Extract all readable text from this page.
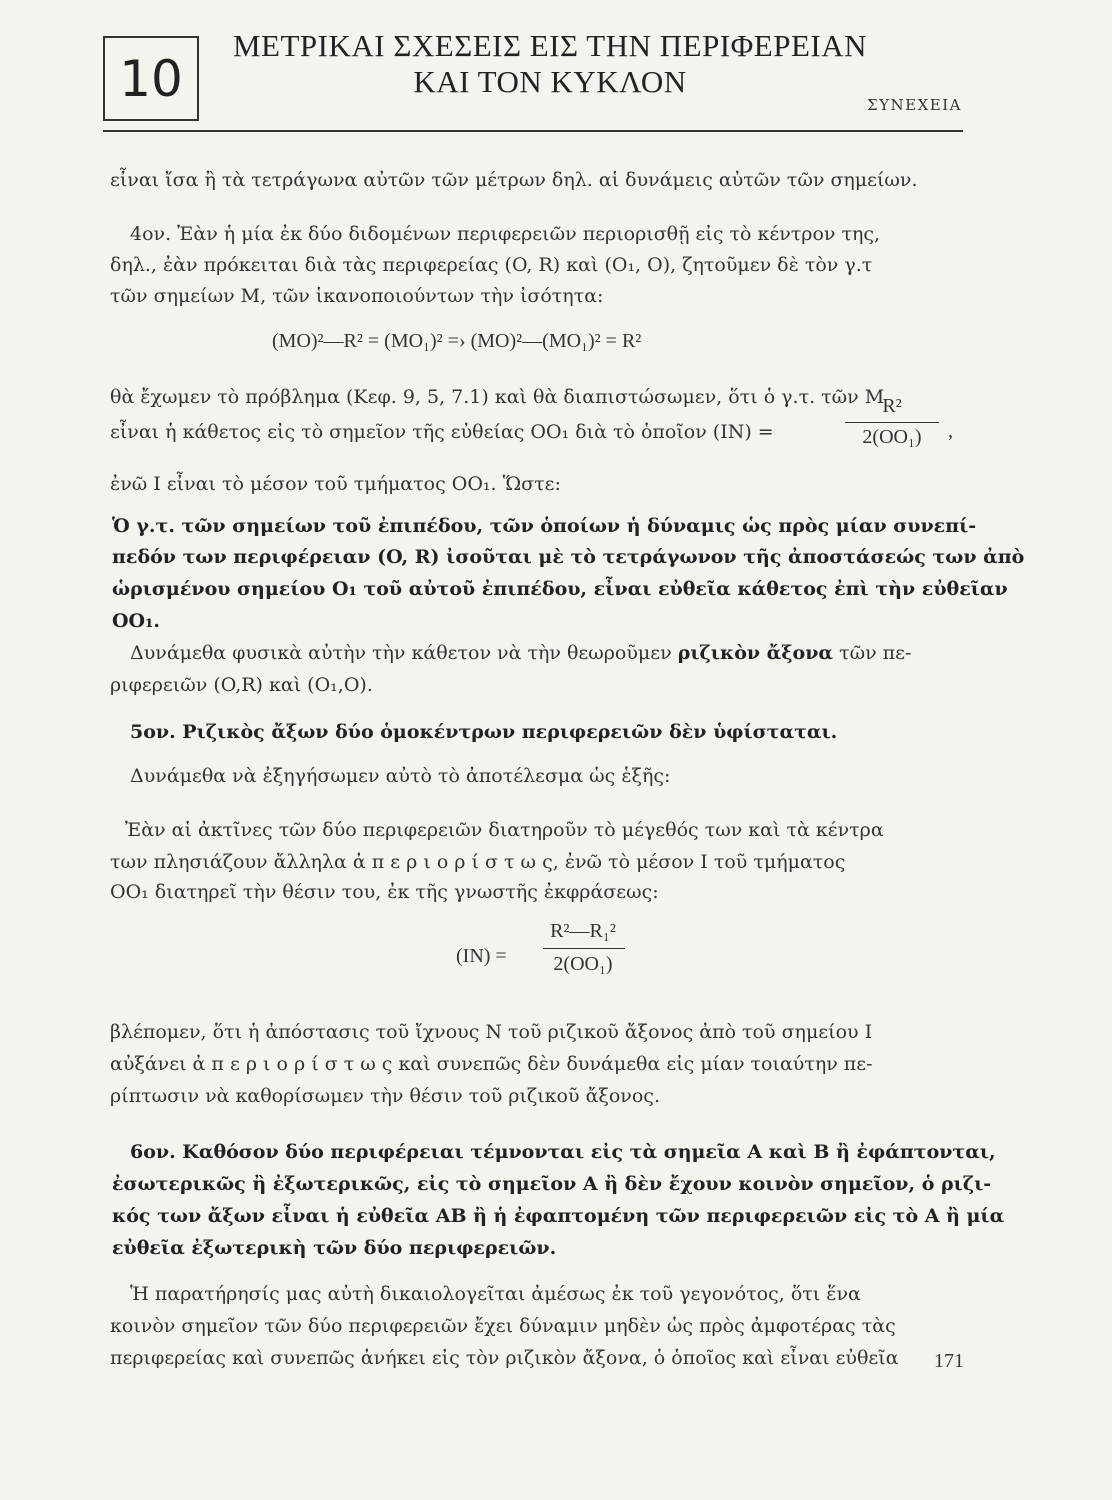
10
ΜΕΤΡΙΚΑΙ ΣΧΕΣΕΙΣ ΕΙΣ ΤΗΝ ΠΕΡΙΦΕΡΕΙΑΝ
ΚΑΙ ΤΟΝ ΚΥΚΛΟΝ
ΣΥΝΕΧΕΙΑ
εἶναι ἴσα ἢ τὰ τετράγωνα αὐτῶν τῶν μέτρων δηλ. αἱ δυνάμεις αὐτῶν τῶν σημείων.
4ον. Ἐὰν ἡ μία ἐκ δύο διδομένων περιφερειῶν περιορισθῇ εἰς τὸ κέντρον της,
δηλ., ἐὰν πρόκειται διὰ τὰς περιφερείας (O, R) καὶ (O₁, O), ζητοῦμεν δὲ τὸν γ.τ
τῶν σημείων M, τῶν ἱκανοποιούντων τὴν ἰσότητα:
(MO)²—R² = (MO₁)² =› (MO)²—(MO₁)² = R²
θὰ ἔχωμεν τὸ πρόβλημα (Κεφ. 9, 5, 7.1) καὶ θὰ διαπιστώσωμεν, ὅτι ὁ γ.τ. τῶν M
εἶναι ἡ κάθετος εἰς τὸ σημεῖον τῆς εὐθείας OO₁ διὰ τὸ ὁποῖον (IN) =
R²
2(OO₁)	,
ἐνῶ I εἶναι τὸ μέσον τοῦ τμήματος OO₁. Ὥστε:
Ὁ γ.τ. τῶν σημείων τοῦ ἐπιπέδου, τῶν ὁποίων ἡ δύναμις ὡς πρὸς μίαν συνεπί-
πεδόν των περιφέρειαν (O, R) ἰσοῦται μὲ τὸ τετράγωνον τῆς ἀποστάσεώς των ἀπὸ
ὡρισμένου σημείου O₁ τοῦ αὐτοῦ ἐπιπέδου, εἶναι εὐθεῖα κάθετος ἐπὶ τὴν εὐθεῖαν
OO₁.
Δυνάμεθα φυσικὰ αὐτὴν τὴν κάθετον νὰ τὴν θεωροῦμεν ριζικὸν ἄξονα τῶν πε-
ριφερειῶν (O,R) καὶ (O₁,O).
5ον. Ριζικὸς ἄξων δύο ὁμοκέντρων περιφερειῶν δὲν ὑφίσταται.
Δυνάμεθα νὰ ἐξηγήσωμεν αὐτὸ τὸ ἀποτέλεσμα ὡς ἑξῆς:
Ἐὰν αἱ ἀκτῖνες τῶν δύο περιφερειῶν διατηροῦν τὸ μέγεθός των καὶ τὰ κέντρα
των πλησιάζουν ἄλληλα ἀ π ε ρ ι ο ρ ί σ τ ω ς, ἐνῶ τὸ μέσον I τοῦ τμήματος
OO₁ διατηρεῖ τὴν θέσιν του, ἐκ τῆς γνωστῆς ἐκφράσεως:
(IN) =
R²—R₁²
2(OO₁)
βλέπομεν, ὅτι ἡ ἀπόστασις τοῦ ἴχνους N τοῦ ριζικοῦ ἄξονος ἀπὸ τοῦ σημείου I
αὐξάνει ἀ π ε ρ ι ο ρ ί σ τ ω ς καὶ συνεπῶς δὲν δυνάμεθα εἰς μίαν τοιαύτην πε-
ρίπτωσιν νὰ καθορίσωμεν τὴν θέσιν τοῦ ριζικοῦ ἄξονος.
6ον. Καθόσον δύο περιφέρειαι τέμνονται εἰς τὰ σημεῖα A καὶ B ἢ ἐφάπτονται,
ἐσωτερικῶς ἢ ἐξωτερικῶς, εἰς τὸ σημεῖον A ἢ δὲν ἔχουν κοινὸν σημεῖον, ὁ ριζι-
κός των ἄξων εἶναι ἡ εὐθεῖα AB ἢ ἡ ἐφαπτομένη τῶν περιφερειῶν εἰς τὸ A ἢ μία
εὐθεῖα ἐξωτερικὴ τῶν δύο περιφερειῶν.
Ἡ παρατήρησίς μας αὐτὴ δικαιολογεῖται ἀμέσως ἐκ τοῦ γεγονότος, ὅτι ἕνα
κοινὸν σημεῖον τῶν δύο περιφερειῶν ἔχει δύναμιν μηδὲν ὡς πρὸς ἀμφοτέρας τὰς
περιφερείας καὶ συνεπῶς ἀνήκει εἰς τὸν ριζικὸν ἄξονα, ὁ ὁποῖος καὶ εἶναι εὐθεῖα 171
